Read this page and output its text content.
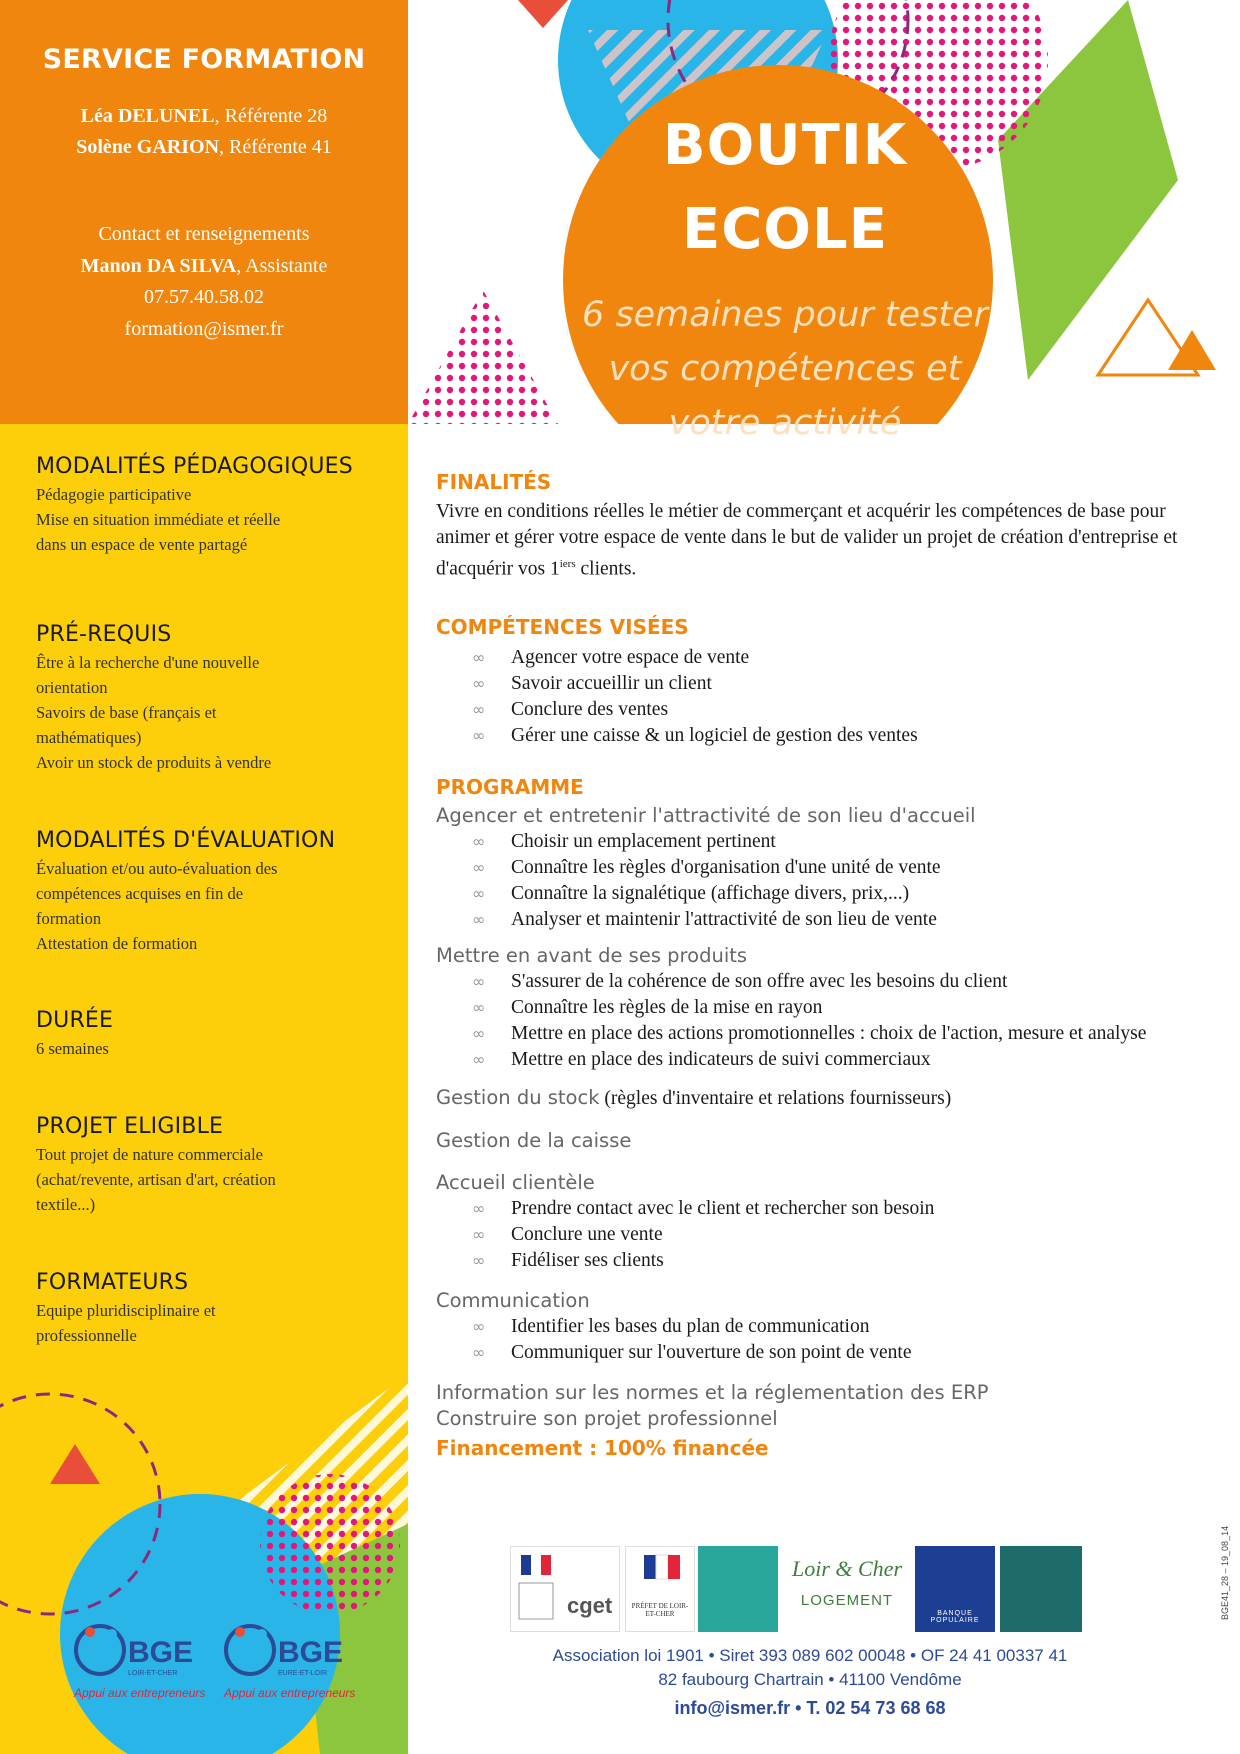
SERVICE FORMATION
Léa DELUNEL, Référente 28
Solène GARION, Référente 41
Contact et renseignements
Manon DA SILVA, Assistante
07.57.40.58.02
formation@ismer.fr
BOUTIK
ECOLE
6 semaines pour tester
vos compétences et
votre activité
MODALITÉS PÉDAGOGIQUES

Pédagogie participative
Mise en situation immédiate et réelle
dans un espace de vente partagé

PRÉ-REQUIS

Être à la recherche d'une nouvelle
orientation
Savoirs de base (français et
mathématiques)
Avoir un stock de produits à vendre

MODALITÉS D'ÉVALUATION

Évaluation et/ou auto-évaluation des
compétences acquises en fin de
formation
Attestation de formation

DURÉE

6 semaines

PROJET ELIGIBLE

Tout projet de nature commerciale
(achat/revente, artisan d'art, création
textile...)

FORMATEURS

Equipe pluridisciplinaire et
professionnelle

FINALITÉS
Vivre en conditions réelles le métier de commerçant et acquérir les compétences de base pour animer et gérer votre espace de vente dans le but de valider un projet de création d'entreprise et d'acquérir vos $1^{iers}$ clients.
COMPÉTENCES VISÉES
∞ Agencer votre espace de vente
∞ Savoir accueillir un client
∞ Conclure des ventes
∞ Gérer une caisse & un logiciel de gestion des ventes
PROGRAMME
Agencer et entretenir l'attractivité de son lieu d'accueil
∞ Choisir un emplacement pertinent
∞ Connaître les règles d'organisation d'une unité de vente
∞ Connaître la signalétique (affichage divers, prix,...)
∞ Analyser et maintenir l'attractivité de son lieu de vente
Mettre en avant de ses produits
∞ S'assurer de la cohérence de son offre avec les besoins du client
∞ Connaître les règles de la mise en rayon
∞ Mettre en place des actions promotionnelles : choix de l'action, mesure et analyse
∞ Mettre en place des indicateurs de suivi commerciaux
Gestion du stock (règles d'inventaire et relations fournisseurs)
Gestion de la caisse
Accueil clientèle
∞ Prendre contact avec le client et rechercher son besoin
∞ Conclure une vente
∞ Fidéliser ses clients
Communication
∞ Identifier les bases du plan de communication
∞ Communiquer sur l'ouverture de son point de vente
Information sur les normes et la réglementation des ERP
Construire son projet professionnel
Financement : 100% financée
cget	PRÉFET DE LOIR-ET-CHER
Loir & Cher
LOGEMENT
BANQUE POPULAIRE
BGE
LOIR-ET-CHER
Appui aux entrepreneurs
BGE
EURE-ET-LOIR
Appui aux entrepreneurs
Association loi 1901 • Siret 393 089 602 00048 • OF 24 41 00337 41
82 faubourg Chartrain • 41100 Vendôme
info@ismer.fr • T. 02 54 73 68 68
BGE41_28 – 19_08_14
